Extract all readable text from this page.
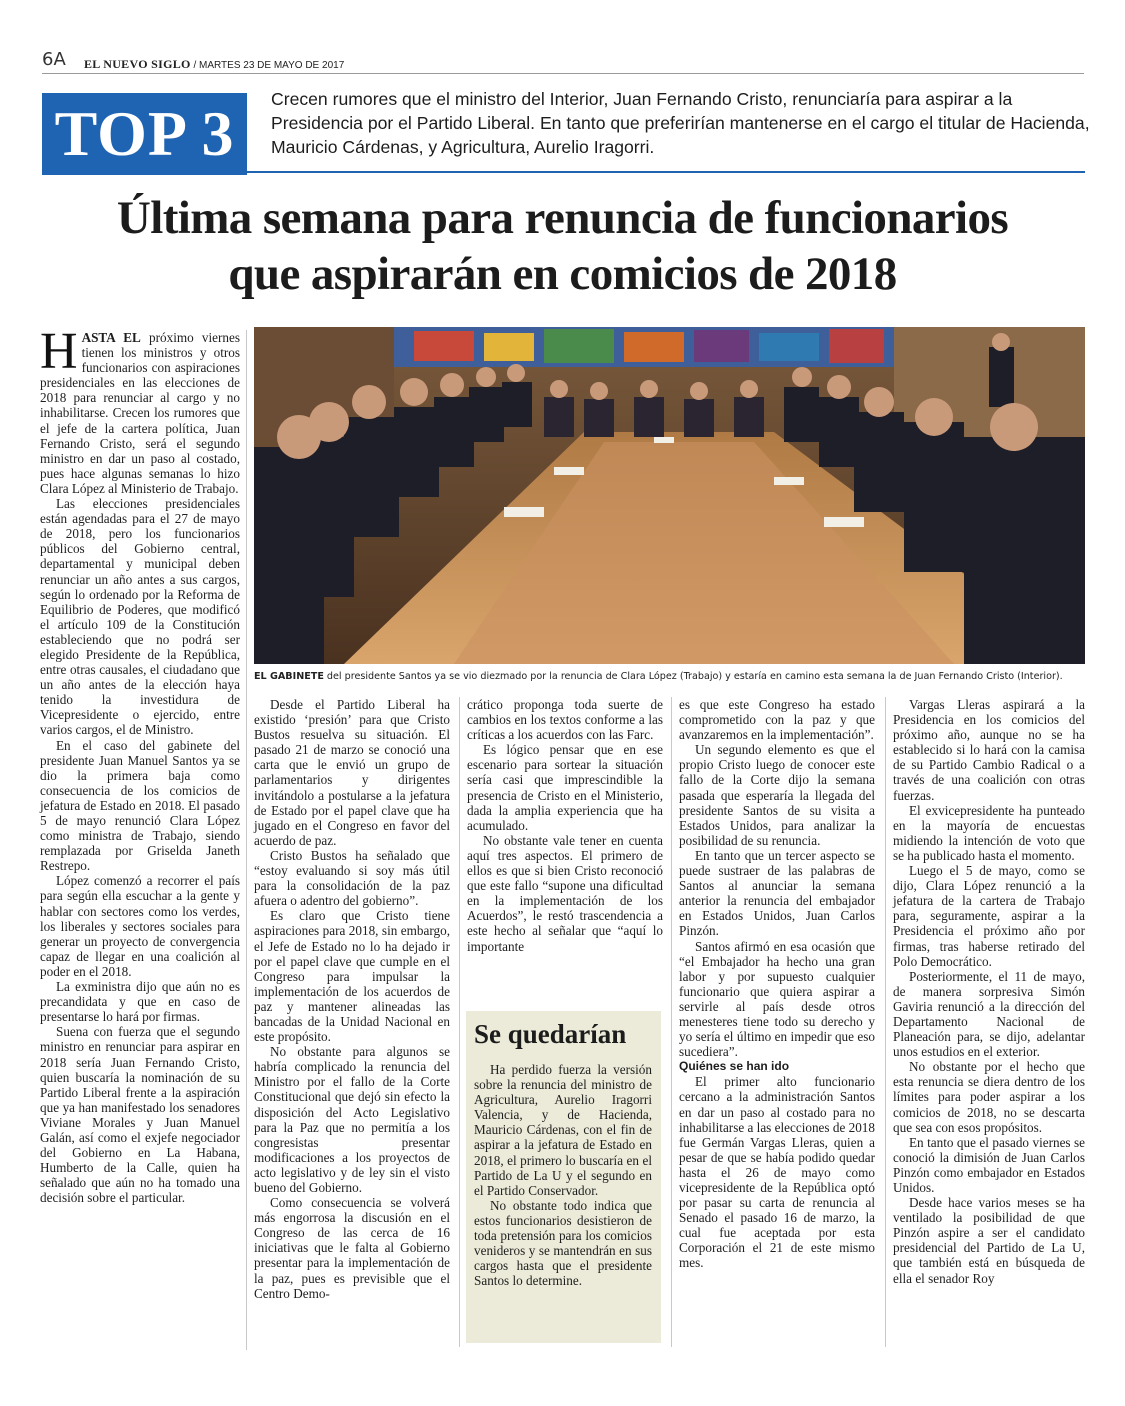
6A EL NUEVO SIGLO / MARTES 23 DE MAYO DE 2017
TOP 3	Crecen rumores que el ministro del Interior, Juan Fernando Cristo, renunciaría para aspirar a la Presidencia por el Partido Liberal. En tanto que preferirían mantenerse en el cargo el titular de Hacienda, Mauricio Cárdenas, y Agricultura, Aurelio Iragorri.
Última semana para renuncia de funcionarios
que aspirarán en comicios de 2018

HASTA EL próximo viernes tienen los ministros y otros funcionarios con aspiraciones presidenciales en las elecciones de 2018 para renunciar al cargo y no inhabilitarse. Crecen los rumores que el jefe de la cartera política, Juan Fernando Cristo, será el segundo ministro en dar un paso al costado, pues hace algunas semanas lo hizo Clara López al Ministerio de Trabajo.

Las elecciones presidenciales están agendadas para el 27 de mayo de 2018, pero los funcionarios públicos del Gobierno central, departamental y municipal deben renunciar un año antes a sus cargos, según lo ordenado por la Reforma de Equilibrio de Poderes, que modificó el artículo 109 de la Constitución estableciendo que no podrá ser elegido Presidente de la República, entre otras causales, el ciudadano que un año antes de la elección haya tenido la investidura de Vicepresidente o ejercido, entre varios cargos, el de Ministro.

En el caso del gabinete del presidente Juan Manuel Santos ya se dio la primera baja como consecuencia de los comicios de jefatura de Estado en 2018. El pasado 5 de mayo renunció Clara López como ministra de Trabajo, siendo remplazada por Griselda Janeth Restrepo.

López comenzó a recorrer el país para según ella escuchar a la gente y hablar con sectores como los verdes, los liberales y sectores sociales para generar un proyecto de convergencia capaz de llegar en una coalición al poder en el 2018.

La exministra dijo que aún no es precandidata y que en caso de presentarse lo hará por firmas.

Suena con fuerza que el segundo ministro en renunciar para aspirar en 2018 sería Juan Fernando Cristo, quien buscaría la nominación de su Partido Liberal frente a la aspiración que ya han manifestado los senadores Viviane Morales y Juan Manuel Galán, así como el exjefe negociador del Gobierno en La Habana, Humberto de la Calle, quien ha señalado que aún no ha tomado una decisión sobre el particular.

EL GABINETE del presidente Santos ya se vio diezmado por la renuncia de Clara López (Trabajo) y estaría en camino esta semana la de Juan Fernando Cristo (Interior).

Desde el Partido Liberal ha existido ‘presión’ para que Cristo Bustos resuelva su situación. El pasado 21 de marzo se conoció una carta que le envió un grupo de parlamentarios y dirigentes invitándolo a postularse a la jefatura de Estado por el papel clave que ha jugado en el Congreso en favor del acuerdo de paz.

Cristo Bustos ha señalado que “estoy evaluando si soy más útil para la consolidación de la paz afuera o adentro del gobierno”.

Es claro que Cristo tiene aspiraciones para 2018, sin embargo, el Jefe de Estado no lo ha dejado ir por el papel clave que cumple en el Congreso para impulsar la implementación de los acuerdos de paz y mantener alineadas las bancadas de la Unidad Nacional en este propósito.

No obstante para algunos se habría complicado la renuncia del Ministro por el fallo de la Corte Constitucional que dejó sin efecto la disposición del Acto Legislativo para la Paz que no permitía a los congresistas presentar modificaciones a los proyectos de acto legislativo y de ley sin el visto bueno del Gobierno.

Como consecuencia se volverá más engorrosa la discusión en el Congreso de las cerca de 16 iniciativas que le falta al Gobierno presentar para la implementación de la paz, pues es previsible que el Centro Demo-

crático proponga toda suerte de cambios en los textos conforme a las críticas a los acuerdos con las Farc.

Es lógico pensar que en ese escenario para sortear la situación sería casi que imprescindible la presencia de Cristo en el Ministerio, dada la amplia experiencia que ha acumulado.

No obstante vale tener en cuenta aquí tres aspectos. El primero de ellos es que si bien Cristo reconoció que este fallo “supone una dificultad en la implementación de los Acuerdos”, le restó trascendencia a este hecho al señalar que “aquí lo importante

Se quedarían

Ha perdido fuerza la versión sobre la renuncia del ministro de Agricultura, Aurelio Iragorri Valencia, y de Hacienda, Mauricio Cárdenas, con el fin de aspirar a la jefatura de Estado en 2018, el primero lo buscaría en el Partido de La U y el segundo en el Partido Conservador.

No obstante todo indica que estos funcionarios desistieron de toda pretensión para los comicios venideros y se mantendrán en sus cargos hasta que el presidente Santos lo determine.

es que este Congreso ha estado comprometido con la paz y que avanzaremos en la implementación”.

Un segundo elemento es que el propio Cristo luego de conocer este fallo de la Corte dijo la semana pasada que esperaría la llegada del presidente Santos de su visita a Estados Unidos, para analizar la posibilidad de su renuncia.

En tanto que un tercer aspecto se puede sustraer de las palabras de Santos al anunciar la semana anterior la renuncia del embajador en Estados Unidos, Juan Carlos Pinzón.

Santos afirmó en esa ocasión que “el Embajador ha hecho una gran labor y por supuesto cualquier funcionario que quiera aspirar a servirle al país desde otros menesteres tiene todo su derecho y yo sería el último en impedir que eso sucediera”.

Quiénes se han ido

El primer alto funcionario cercano a la administración Santos en dar un paso al costado para no inhabilitarse a las elecciones de 2018 fue Germán Vargas Lleras, quien a pesar de que se había podido quedar hasta el 26 de mayo como vicepresidente de la República optó por pasar su carta de renuncia al Senado el pasado 16 de marzo, la cual fue aceptada por esta Corporación el 21 de este mismo mes.

Vargas Lleras aspirará a la Presidencia en los comicios del próximo año, aunque no se ha establecido si lo hará con la camisa de su Partido Cambio Radical o a través de una coalición con otras fuerzas.

El exvicepresidente ha punteado en la mayoría de encuestas midiendo la intención de voto que se ha publicado hasta el momento.

Luego el 5 de mayo, como se dijo, Clara López renunció a la jefatura de la cartera de Trabajo para, seguramente, aspirar a la Presidencia el próximo año por firmas, tras haberse retirado del Polo Democrático.

Posteriormente, el 11 de mayo, de manera sorpresiva Simón Gaviria renunció a la dirección del Departamento Nacional de Planeación para, se dijo, adelantar unos estudios en el exterior.

No obstante por el hecho que esta renuncia se diera dentro de los límites para poder aspirar a los comicios de 2018, no se descarta que sea con esos propósitos.

En tanto que el pasado viernes se conoció la dimisión de Juan Carlos Pinzón como embajador en Estados Unidos.

Desde hace varios meses se ha ventilado la posibilidad de que Pinzón aspire a ser el candidato presidencial del Partido de La U, que también está en búsqueda de ella el senador Roy
